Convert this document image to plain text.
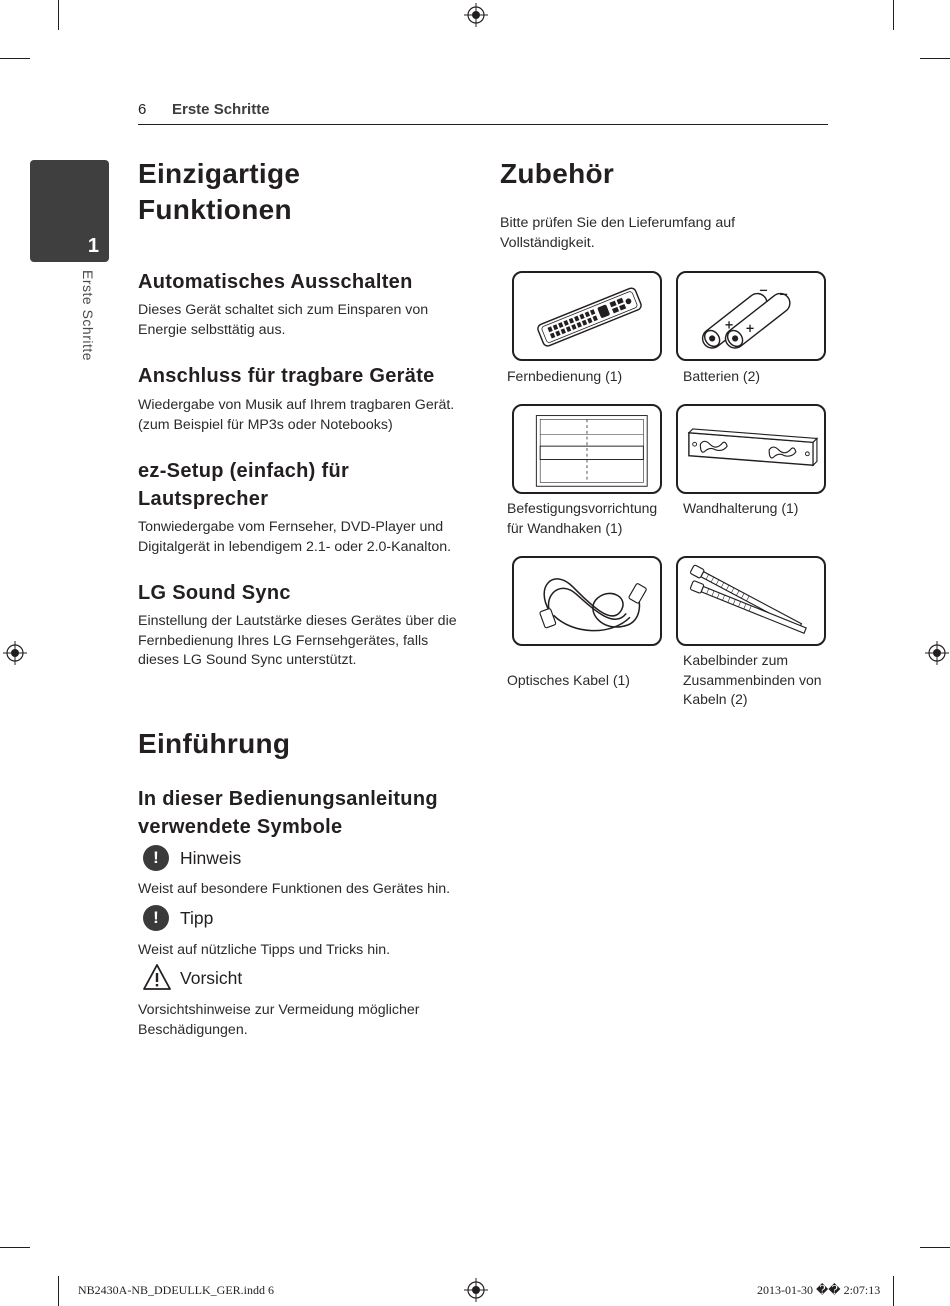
6 Erste Schritte
1
Erste Schritte
Einzigartige Funktionen
Automatisches Ausschalten
Dieses Gerät schaltet sich zum Einsparen von Energie selbsttätig aus.
Anschluss für tragbare Geräte
Wiedergabe von Musik auf Ihrem tragbaren Gerät. (zum Beispiel für MP3s oder Notebooks)
ez-Setup (einfach) für Lautsprecher
Tonwiedergabe vom Fernseher, DVD-Player und Digitalgerät in lebendigem 2.1- oder 2.0-Kanalton.
LG Sound Sync
Einstellung der Lautstärke dieses Gerätes über die Fernbedienung Ihres LG Fernsehgerätes, falls dieses LG Sound Sync unterstützt.
Einführung
In dieser Bedienungsanleitung verwendete Symbole
!	Hinweis
Weist auf besondere Funktionen des Gerätes hin.
!	Tipp
Weist auf nützliche Tipps und Tricks hin.
Vorsicht
Vorsichtshinweise zur Vermeidung möglicher Beschädigungen.
Zubehör
Bitte prüfen Sie den Lieferumfang auf Vollständigkeit.
Fernbedienung (1)
+ +
− −
Batterien (2)
Befestigungsvorrichtung für Wandhaken (1)
Wandhalterung (1)
Optisches Kabel (1)
Kabelbinder zum Zusammenbinden von Kabeln (2)
NB2430A-NB_DDEULLK_GER.indd 6	2013-01-30 �� 2:07:13
